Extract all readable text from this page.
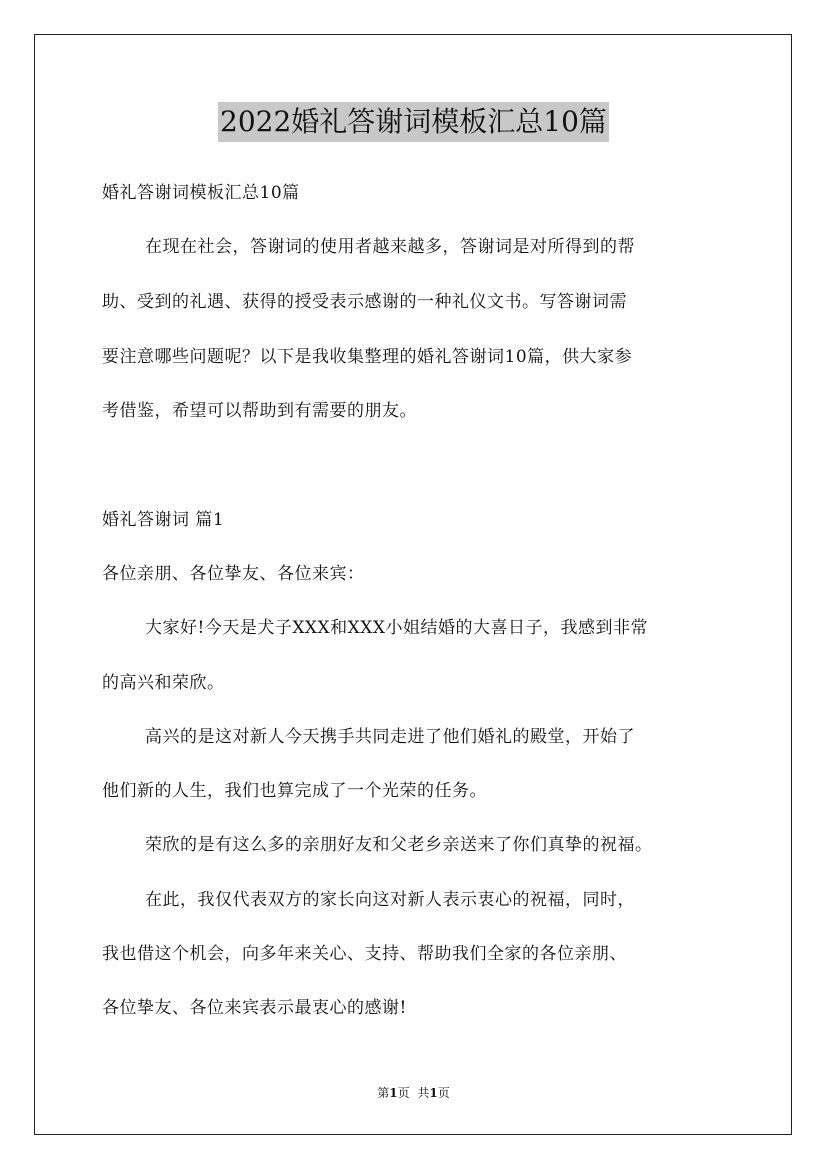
2022婚礼答谢词模板汇总10篇
婚礼答谢词模板汇总10篇
在现在社会，答谢词的使用者越来越多，答谢词是对所得到的帮
助、受到的礼遇、获得的授受表示感谢的一种礼仪文书。写答谢词需
要注意哪些问题呢？以下是我收集整理的婚礼答谢词10篇，供大家参
考借鉴，希望可以帮助到有需要的朋友。
婚礼答谢词 篇1
各位亲朋、各位挚友、各位来宾：
大家好!今天是犬子XXX和XXX小姐结婚的大喜日子，我感到非常
的高兴和荣欣。
高兴的是这对新人今天携手共同走进了他们婚礼的殿堂，开始了
他们新的人生，我们也算完成了一个光荣的任务。
荣欣的是有这么多的亲朋好友和父老乡亲送来了你们真挚的祝福。
在此，我仅代表双方的家长向这对新人表示衷心的祝福，同时，
我也借这个机会，向多年来关心、支持、帮助我们全家的各位亲朋、
各位挚友、各位来宾表示最衷心的感谢!
第1页 共1页
